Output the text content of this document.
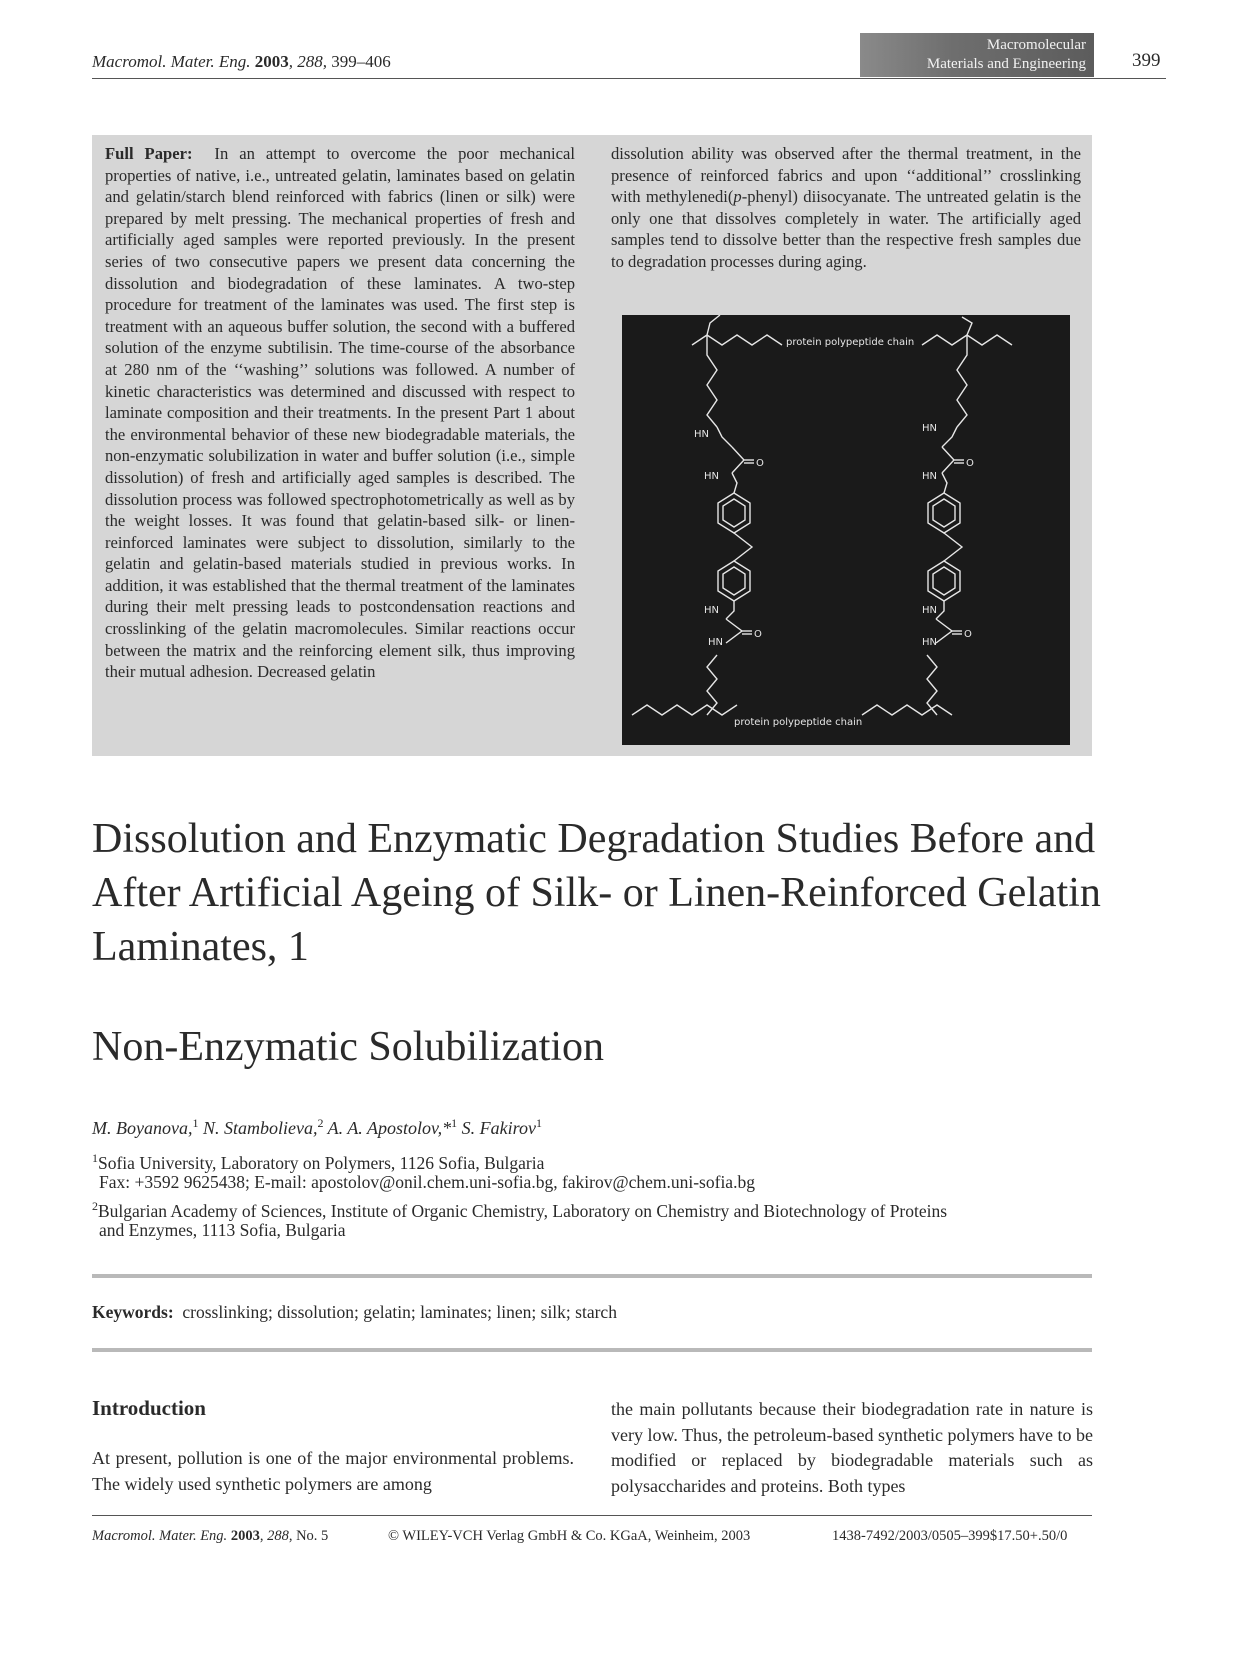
Macromol. Mater. Eng. 2003, 288, 399–406
Macromolecular
Materials and Engineering 399
Full Paper: In an attempt to overcome the poor mechanical properties of native, i.e., untreated gelatin, laminates based on gelatin and gelatin/starch blend reinforced with fabrics (linen or silk) were prepared by melt pressing. The mechanical properties of fresh and artificially aged samples were reported previously. In the present series of two consecutive papers we present data concerning the dissolution and biodegradation of these laminates. A two-step procedure for treatment of the laminates was used. The first step is treatment with an aqueous buffer solution, the second with a buffered solution of the enzyme subtilisin. The time-course of the absorbance at 280 nm of the ‘‘washing’’ solutions was followed. A number of kinetic characteristics was determined and discussed with respect to laminate composition and their treatments. In the present Part 1 about the environmental behavior of these new biodegradable materials, the non-enzymatic solubilization in water and buffer solution (i.e., simple dissolution) of fresh and artificially aged samples is described. The dissolution process was followed spectrophotometrically as well as by the weight losses. It was found that gelatin-based silk- or linen-reinforced laminates were subject to dissolution, similarly to the gelatin and gelatin-based materials studied in previous works. In addition, it was established that the thermal treatment of the laminates during their melt pressing leads to postcondensation reactions and crosslinking of the gelatin macromolecules. Similar reactions occur between the matrix and the reinforcing element silk, thus improving their mutual adhesion. Decreased gelatin
dissolution ability was observed after the thermal treatment, in the presence of reinforced fabrics and upon ‘‘additional’’ crosslinking with methylenedi(p-phenyl) diisocyanate. The untreated gelatin is the only one that dissolves completely in water. The artificially aged samples tend to dissolve better than the respective fresh samples due to degradation processes during aging.
protein polypeptide chain
protein polypeptide chain
HN
O
HN
HN
O
HN
HN
O
HN
HN
O
HN
Dissolution and Enzymatic Degradation Studies Before and After Artificial Ageing of Silk- or Linen-Reinforced Gelatin Laminates, 1
Non-Enzymatic Solubilization
M. Boyanova,$^1$ N. Stambolieva,$^2$ A. A. Apostolov,*$^1$ S. Fakirov$^1$
$^1$Sofia University, Laboratory on Polymers, 1126 Sofia, Bulgaria
Fax: +3592 9625438; E-mail: apostolov@onil.chem.uni-sofia.bg, fakirov@chem.uni-sofia.bg
$^2$Bulgarian Academy of Sciences, Institute of Organic Chemistry, Laboratory on Chemistry and Biotechnology of Proteins
and Enzymes, 1113 Sofia, Bulgaria
Keywords: crosslinking; dissolution; gelatin; laminates; linen; silk; starch
Introduction
At present, pollution is one of the major environmental problems. The widely used synthetic polymers are among
the main pollutants because their biodegradation rate in nature is very low. Thus, the petroleum-based synthetic polymers have to be modified or replaced by biodegradable materials such as polysaccharides and proteins. Both types
Macromol. Mater. Eng. 2003, 288, No. 5	© WILEY-VCH Verlag GmbH & Co. KGaA, Weinheim, 2003	1438-7492/2003/0505–399$17.50+.50/0
